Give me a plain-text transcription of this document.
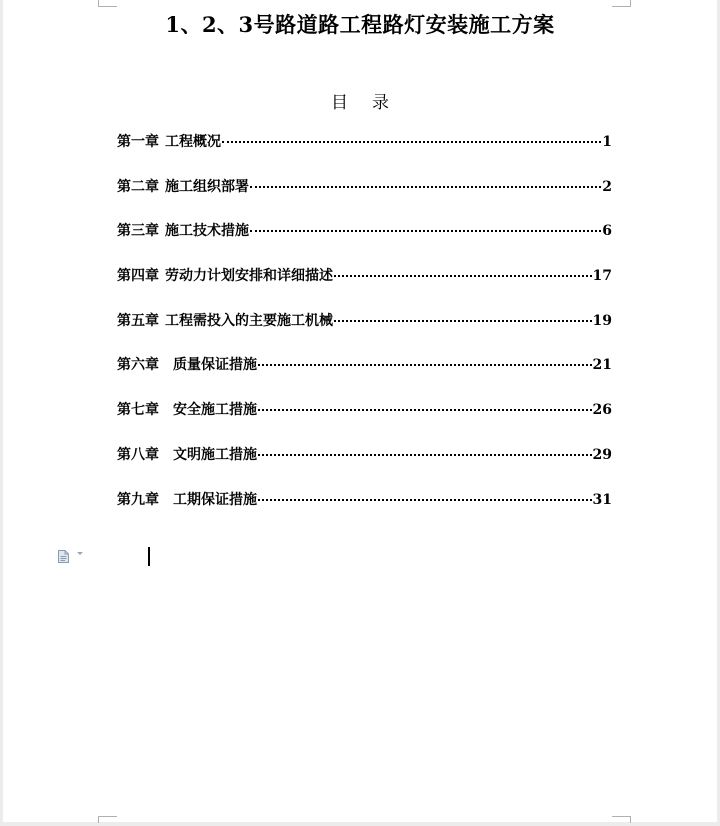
1、2、3号路道路工程路灯安装施工方案
目录
第一章 工程概况	1
第二章 施工组织部署	2
第三章 施工技术措施	6
第四章 劳动力计划安排和详细描述	17
第五章 工程需投入的主要施工机械	19
第六章 质量保证措施	21
第七章 安全施工措施	26
第八章 文明施工措施	29
第九章 工期保证措施	31
